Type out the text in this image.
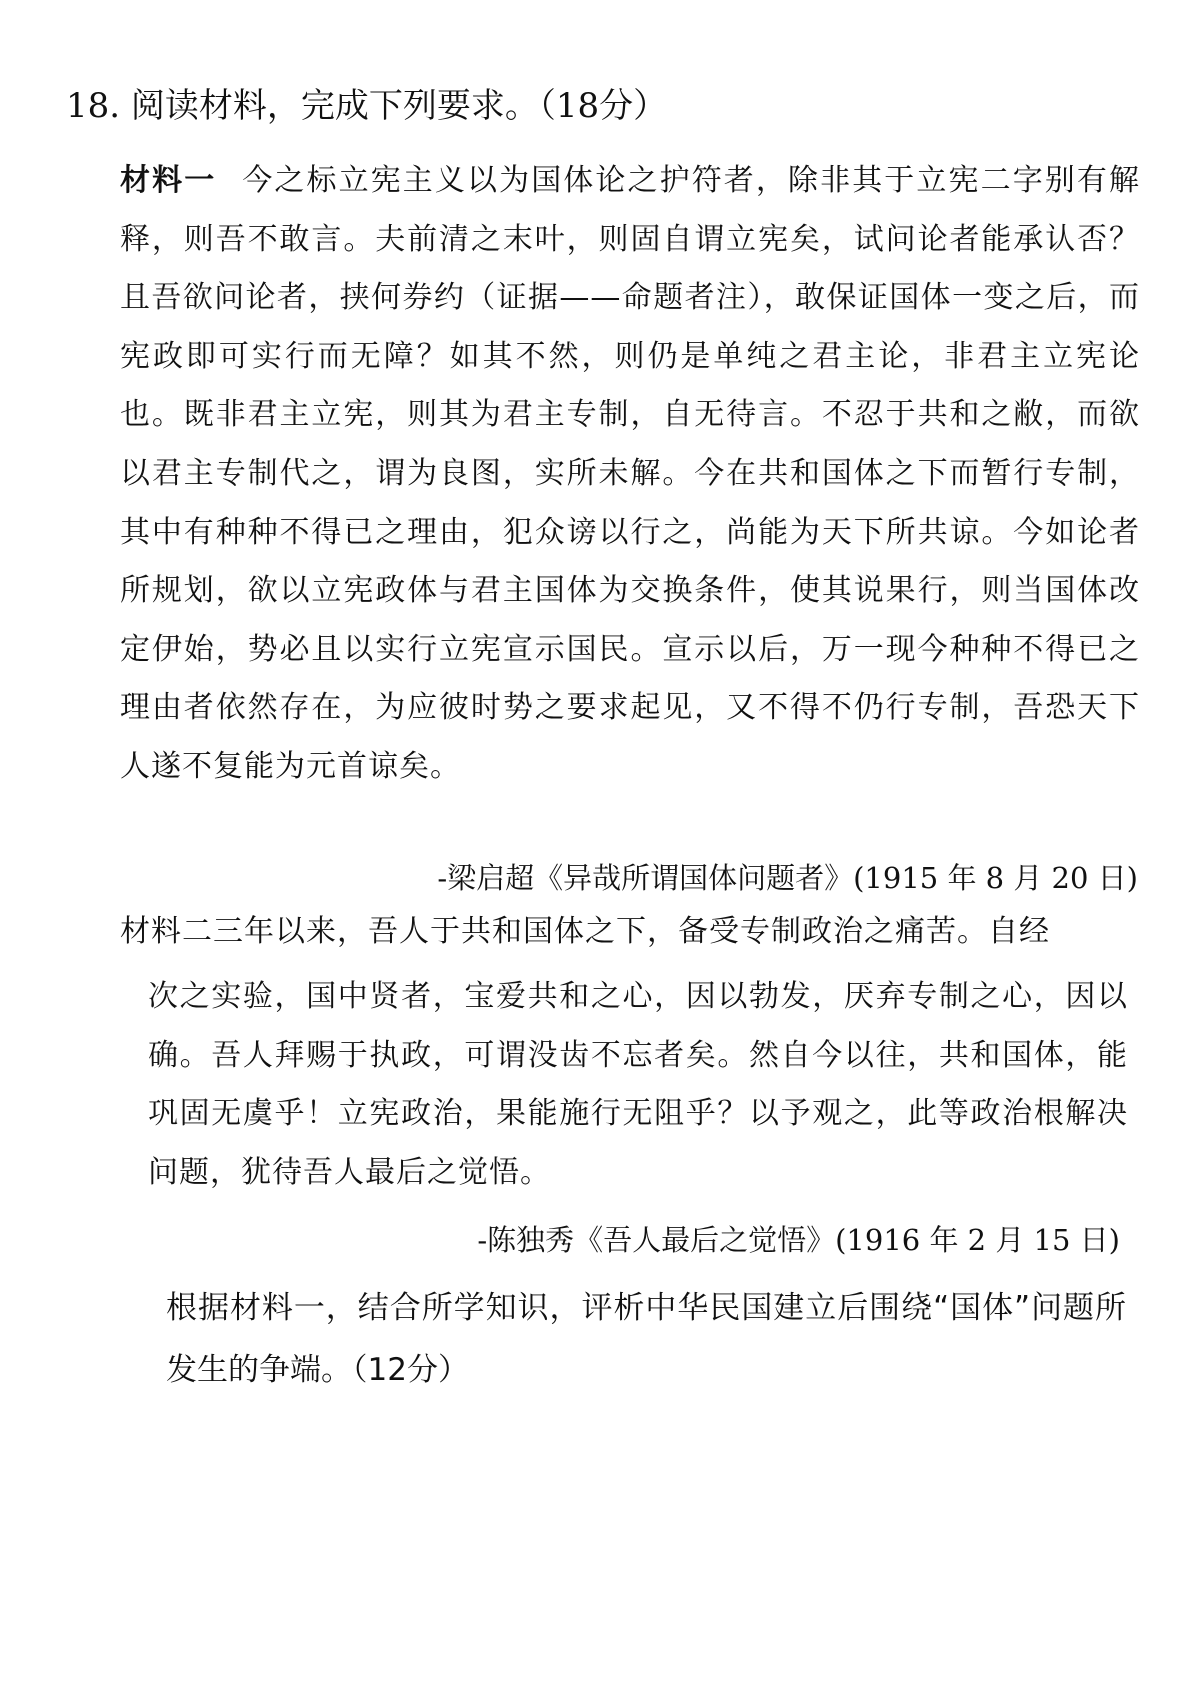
18. 阅读材料，完成下列要求。（18分）
材料一 今之标立宪主义以为国体论之护符者，除非其于立宪二字别有解释，则吾不敢言。夫前清之末叶，则固自谓立宪矣，试问论者能承认否？且吾欲问论者，挟何券约（证据——命题者注），敢保证国体一变之后，而宪政即可实行而无障？如其不然，则仍是单纯之君主论，非君主立宪论也。既非君主立宪，则其为君主专制，自无待言。不忍于共和之敝，而欲以君主专制代之，谓为良图，实所未解。今在共和国体之下而暂行专制，其中有种种不得已之理由，犯众谤以行之，尚能为天下所共谅。今如论者所规划，欲以立宪政体与君主国体为交换条件，使其说果行，则当国体改定伊始，势必且以实行立宪宣示国民。宣示以后，万一现今种种不得已之理由者依然存在，为应彼时势之要求起见，又不得不仍行专制，吾恐天下人遂不复能为元首谅矣。
-梁启超《异哉所谓国体问题者》(1915 年 8 月 20 日)
材料二三年以来，吾人于共和国体之下，备受专制政治之痛苦。自经
次之实验，国中贤者，宝爱共和之心，因以勃发，厌弃专制之心，因以确。吾人拜赐于执政，可谓没齿不忘者矣。然自今以往，共和国体，能巩固无虞乎！立宪政治，果能施行无阻乎？以予观之，此等政治根解决问题，犹待吾人最后之觉悟。
-陈独秀《吾人最后之觉悟》(1916 年 2 月 15 日)
根据材料一，结合所学知识，评析中华民国建立后围绕“国体”问题所发生的争端。（12分）
